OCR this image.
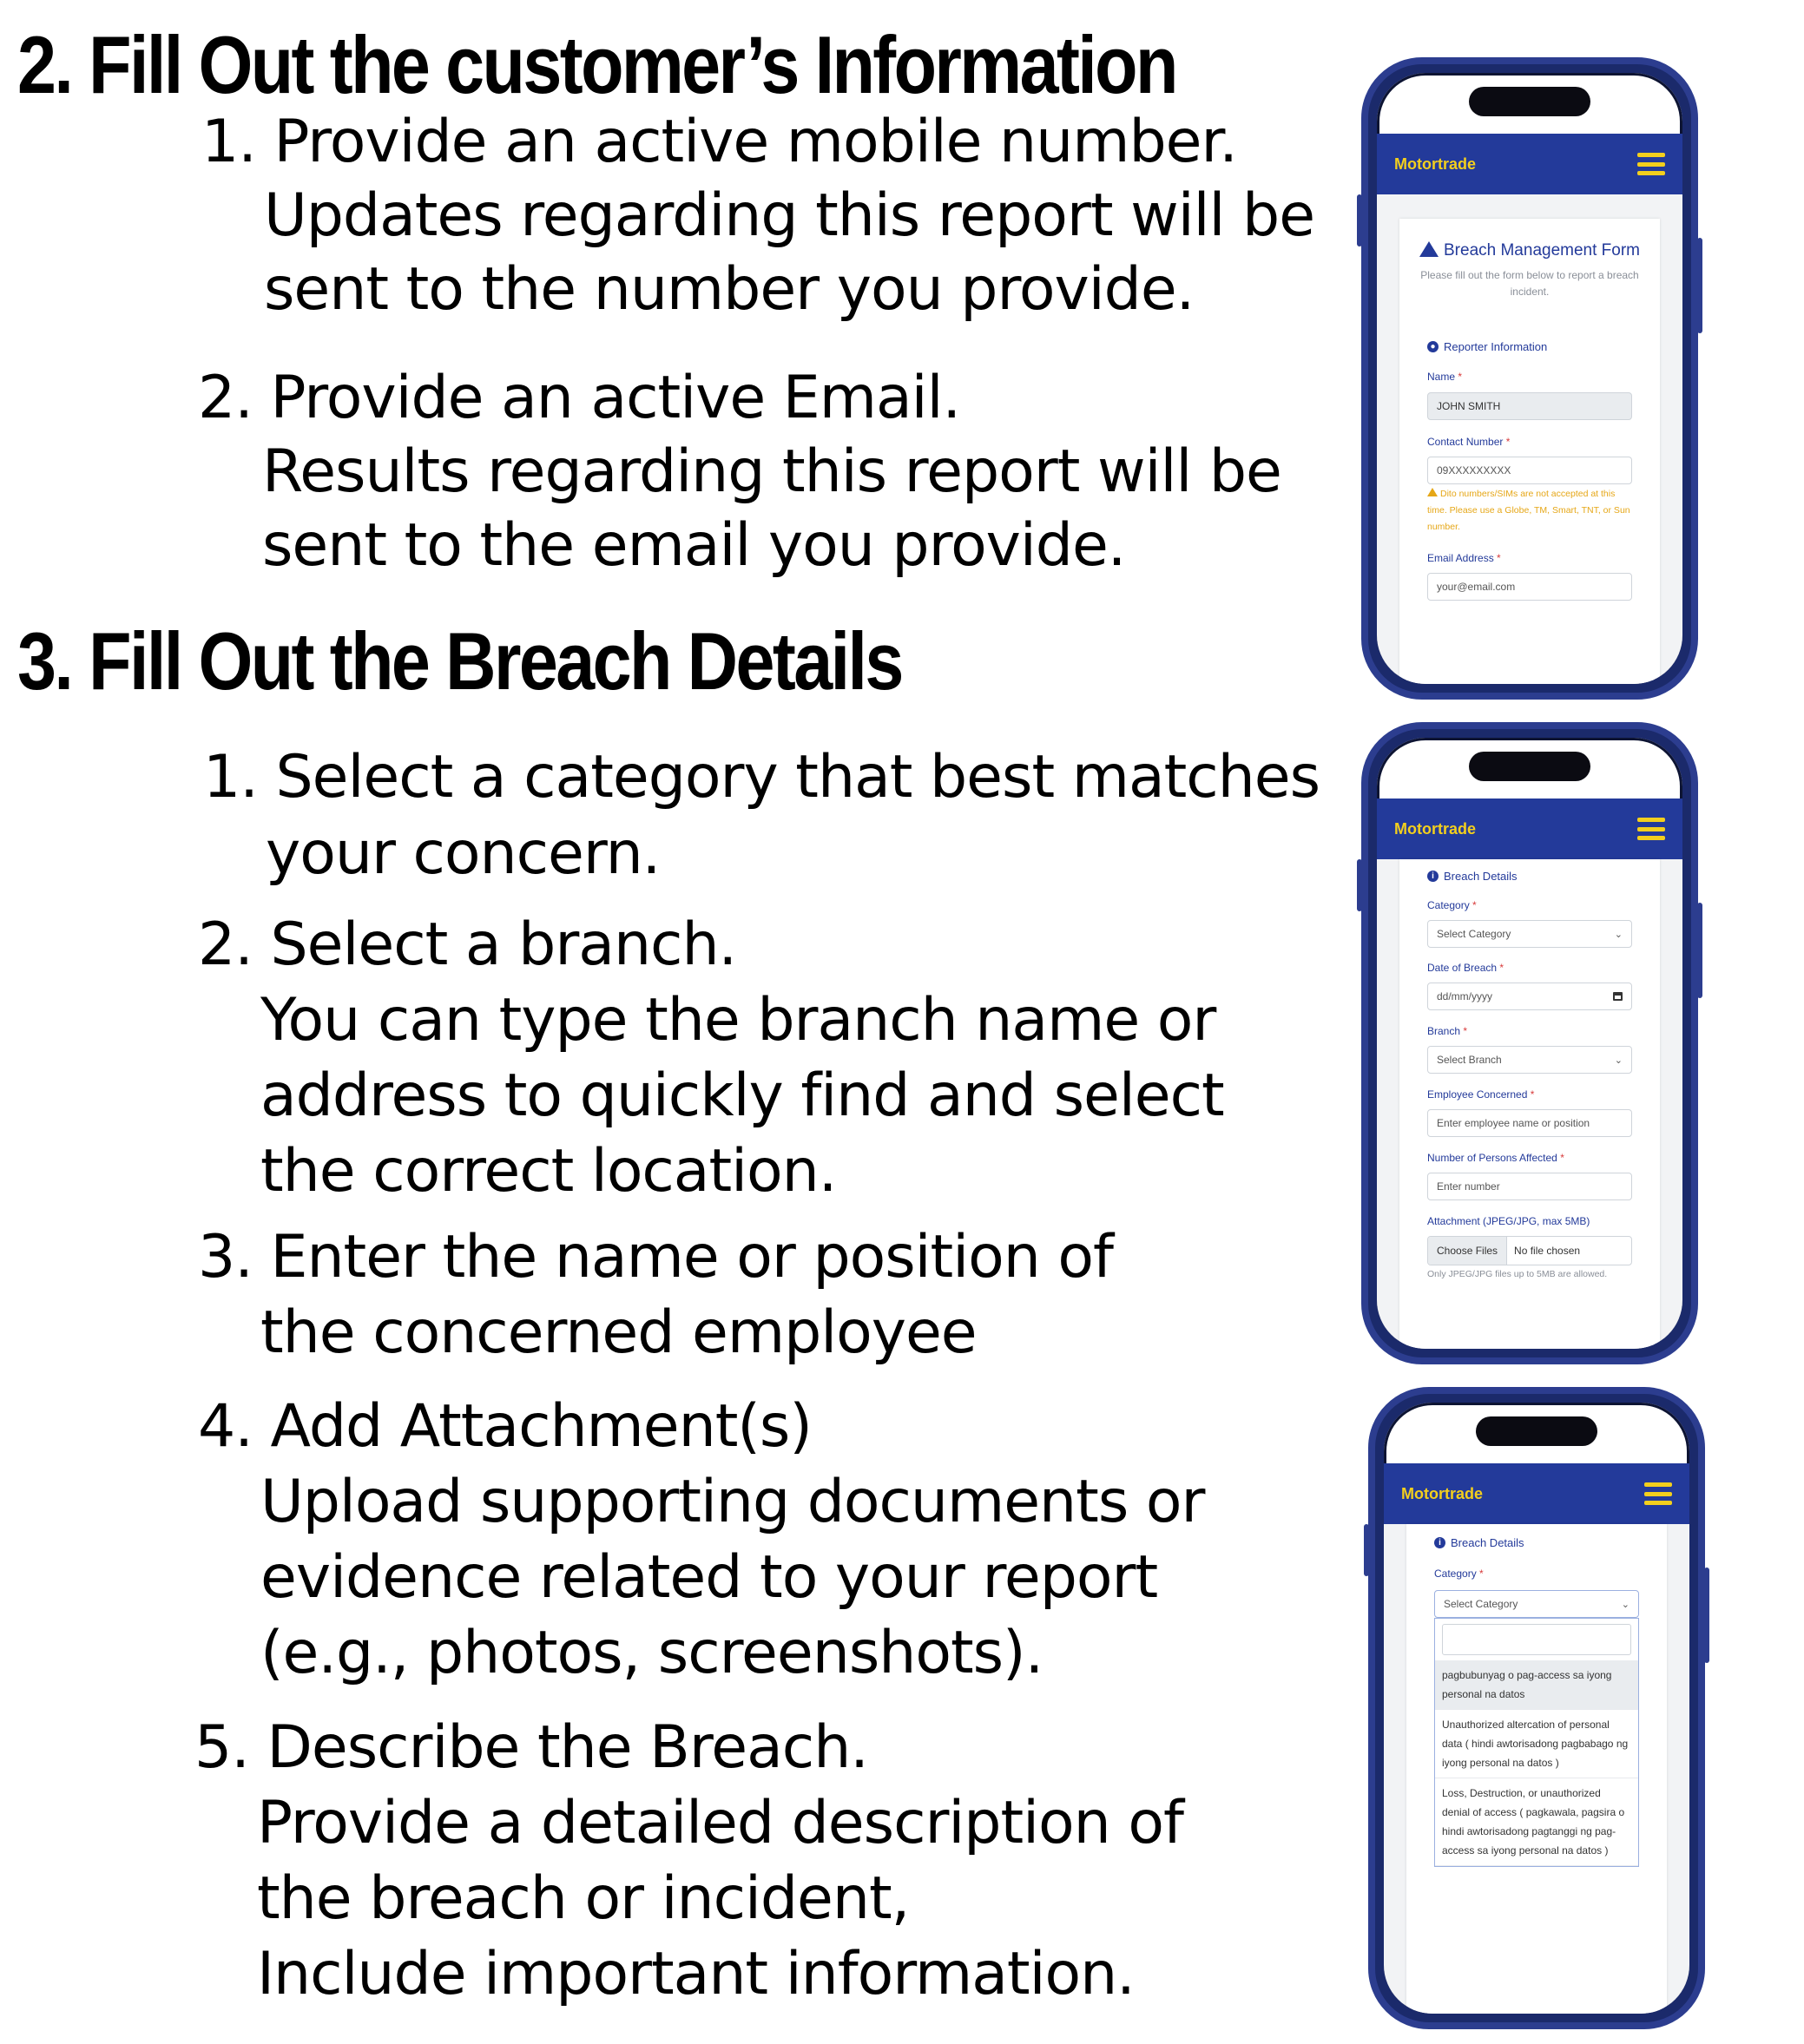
2. Fill Out the customer’s Information
1. Provide an active mobile number.
Updates regarding this report will be
sent to the number you provide.
2. Provide an active Email.
Results regarding this report will be
sent to the email you provide.
3. Fill Out the Breach Details
1. Select a category that best matches
your concern.
2. Select a branch.
You can type the branch name or
address to quickly find and select
the correct location.
3. Enter the name or position of
the concerned employee
4. Add Attachment(s)
Upload supporting documents or
evidence related to your report
(e.g., photos, screenshots).
5. Describe the Breach.
Provide a detailed description of
the breach or incident,
Include important information.
Motortrade
Breach Management Form
Please fill out the form below to report a breach incident.
● Reporter Information
Name *
JOHN SMITH
Contact Number *
09XXXXXXXXX
Dito numbers/SIMs are not accepted at this time. Please use a Globe, TM, Smart, TNT, or Sun number.
Email Address *
your@email.com
Motortrade
i Breach Details
Category *
Select Category	⌄
Date of Breach *
dd/mm/yyyy
Branch *
Select Branch	⌄
Employee Concerned *
Enter employee name or position
Number of Persons Affected *
Enter number
Attachment (JPEG/JPG, max 5MB)
Choose Files	No file chosen
Only JPEG/JPG files up to 5MB are allowed.
Motortrade
i Breach Details
Category *
Select Category	⌄
pagbubunyag o pag-access sa iyong personal na datos
Unauthorized altercation of personal data ( hindi awtorisadong pagbabago ng iyong personal na datos )
Loss, Destruction, or unauthorized denial of access ( pagkawala, pagsira o hindi awtorisadong pagtanggi ng pag-access sa iyong personal na datos )
